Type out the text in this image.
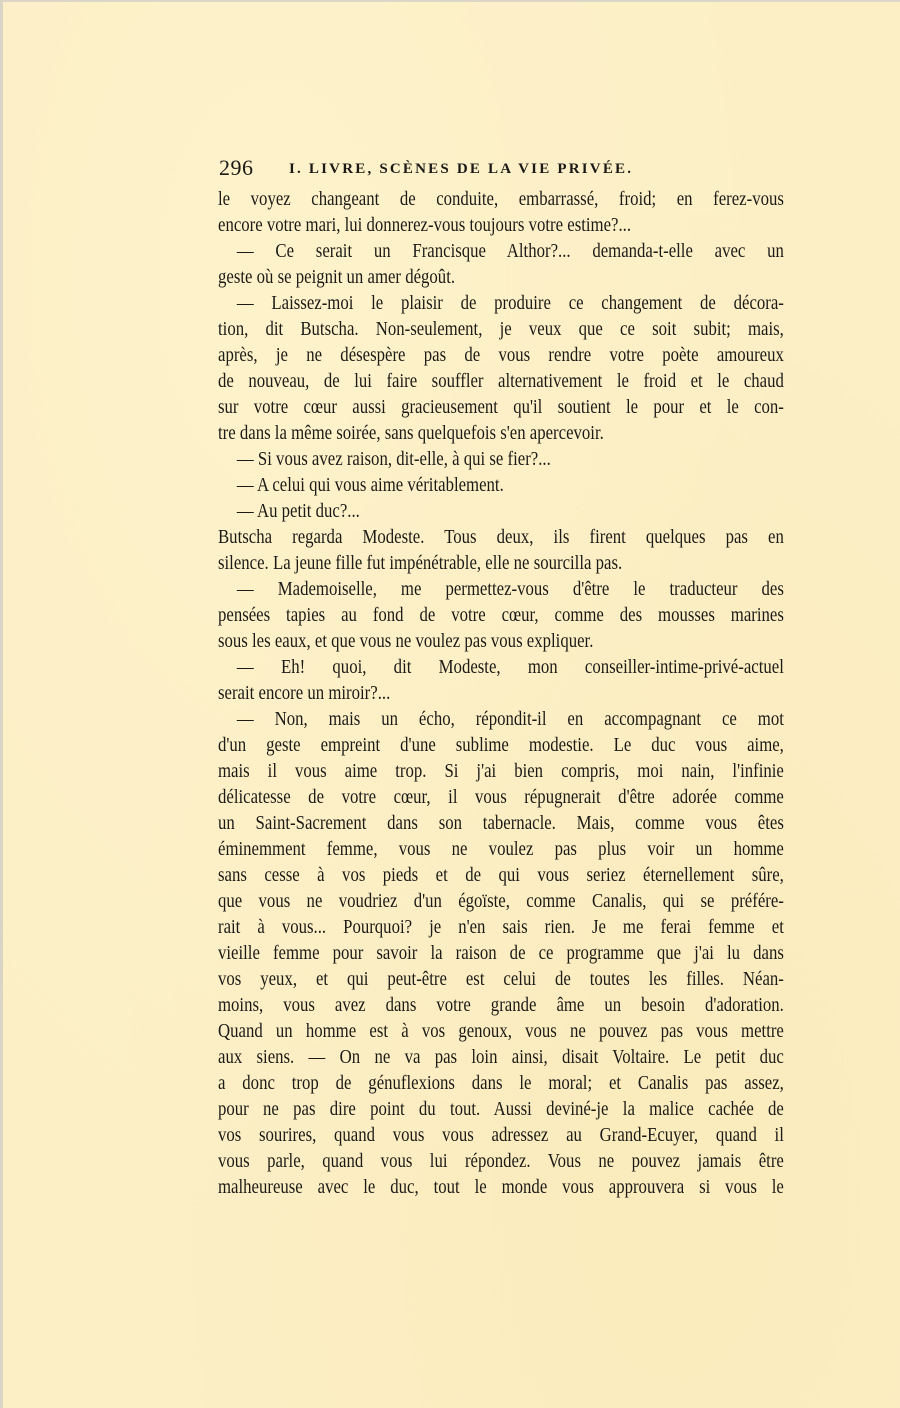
296 I. LIVRE, SCÈNES DE LA VIE PRIVÉE.
le voyez changeant de conduite, embarrassé, froid; en ferez-vous
encore votre mari, lui donnerez-vous toujours votre estime?...
— Ce serait un Francisque Althor?... demanda-t-elle avec un
geste où se peignit un amer dégoût.
— Laissez-moi le plaisir de produire ce changement de décora-
tion, dit Butscha. Non-seulement, je veux que ce soit subit; mais,
après, je ne désespère pas de vous rendre votre poète amoureux
de nouveau, de lui faire souffler alternativement le froid et le chaud
sur votre cœur aussi gracieusement qu'il soutient le pour et le con-
tre dans la même soirée, sans quelquefois s'en apercevoir.
— Si vous avez raison, dit-elle, à qui se fier?...
— A celui qui vous aime véritablement.
— Au petit duc?...
Butscha regarda Modeste. Tous deux, ils firent quelques pas en
silence. La jeune fille fut impénétrable, elle ne sourcilla pas.
— Mademoiselle, me permettez-vous d'être le traducteur des
pensées tapies au fond de votre cœur, comme des mousses marines
sous les eaux, et que vous ne voulez pas vous expliquer.
— Eh! quoi, dit Modeste, mon conseiller-intime-privé-actuel
serait encore un miroir?...
— Non, mais un écho, répondit-il en accompagnant ce mot
d'un geste empreint d'une sublime modestie. Le duc vous aime,
mais il vous aime trop. Si j'ai bien compris, moi nain, l'infinie
délicatesse de votre cœur, il vous répugnerait d'être adorée comme
un Saint-Sacrement dans son tabernacle. Mais, comme vous êtes
éminemment femme, vous ne voulez pas plus voir un homme
sans cesse à vos pieds et de qui vous seriez éternellement sûre,
que vous ne voudriez d'un égoïste, comme Canalis, qui se préfére-
rait à vous... Pourquoi? je n'en sais rien. Je me ferai femme et
vieille femme pour savoir la raison de ce programme que j'ai lu dans
vos yeux, et qui peut-être est celui de toutes les filles. Néan-
moins, vous avez dans votre grande âme un besoin d'adoration.
Quand un homme est à vos genoux, vous ne pouvez pas vous mettre
aux siens. — On ne va pas loin ainsi, disait Voltaire. Le petit duc
a donc trop de génuflexions dans le moral; et Canalis pas assez,
pour ne pas dire point du tout. Aussi deviné-je la malice cachée de
vos sourires, quand vous vous adressez au Grand-Ecuyer, quand il
vous parle, quand vous lui répondez. Vous ne pouvez jamais être
malheureuse avec le duc, tout le monde vous approuvera si vous le
